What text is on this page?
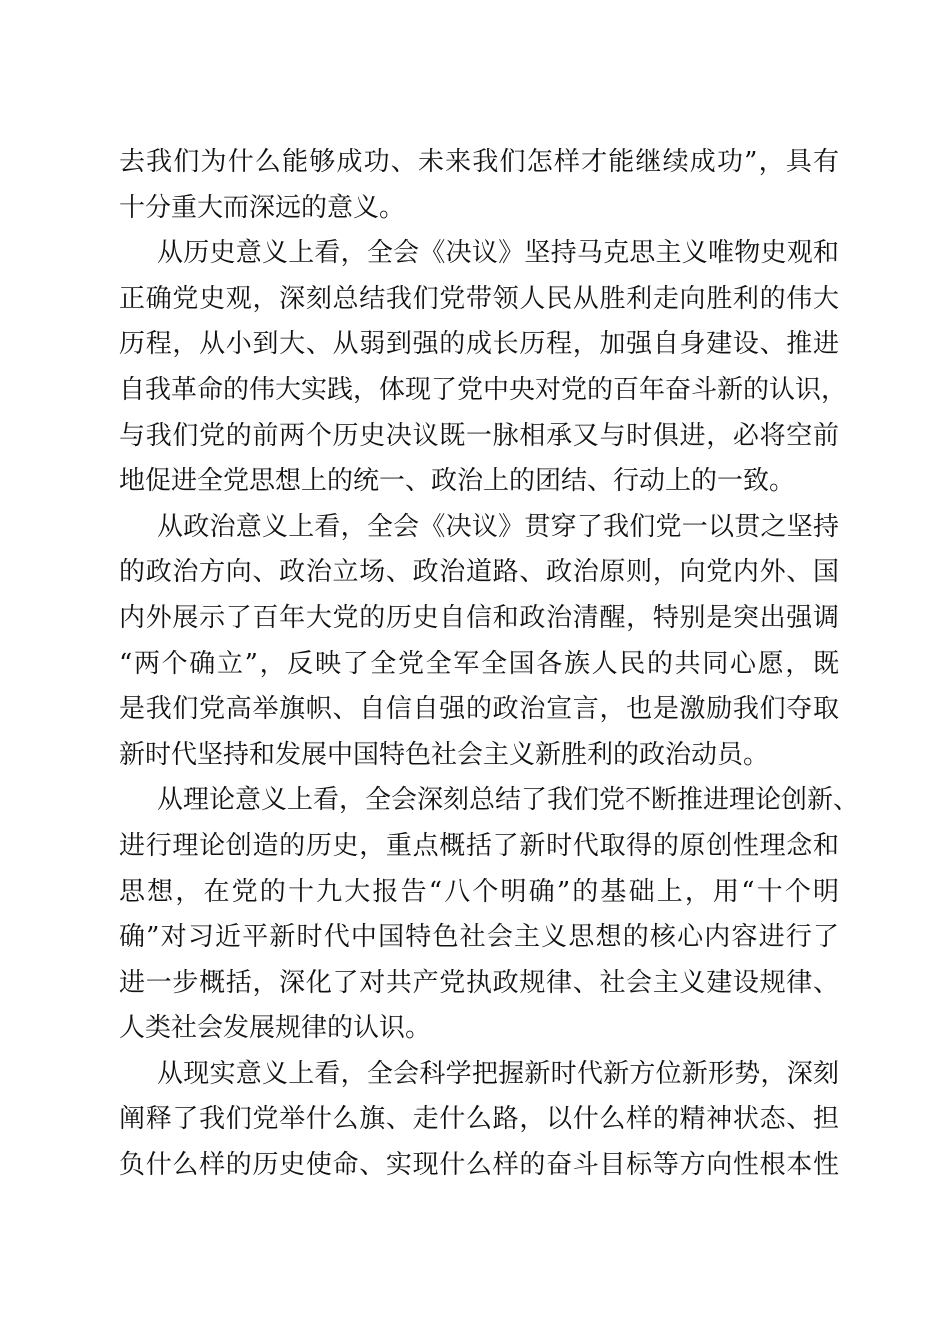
去我们为什么能够成功、未来我们怎样才能继续成功”，具有
十分重大而深远的意义。
从历史意义上看，全会《决议》坚持马克思主义唯物史观和
正确党史观，深刻总结我们党带领人民从胜利走向胜利的伟大
历程，从小到大、从弱到强的成长历程，加强自身建设、推进
自我革命的伟大实践，体现了党中央对党的百年奋斗新的认识，
与我们党的前两个历史决议既一脉相承又与时俱进，必将空前
地促进全党思想上的统一、政治上的团结、行动上的一致。
从政治意义上看，全会《决议》贯穿了我们党一以贯之坚持
的政治方向、政治立场、政治道路、政治原则，向党内外、国
内外展示了百年大党的历史自信和政治清醒，特别是突出强调
“两个确立”，反映了全党全军全国各族人民的共同心愿，既
是我们党高举旗帜、自信自强的政治宣言，也是激励我们夺取
新时代坚持和发展中国特色社会主义新胜利的政治动员。
从理论意义上看，全会深刻总结了我们党不断推进理论创新、
进行理论创造的历史，重点概括了新时代取得的原创性理念和
思想，在党的十九大报告“八个明确”的基础上，用“十个明
确”对习近平新时代中国特色社会主义思想的核心内容进行了
进一步概括，深化了对共产党执政规律、社会主义建设规律、
人类社会发展规律的认识。
从现实意义上看，全会科学把握新时代新方位新形势，深刻
阐释了我们党举什么旗、走什么路，以什么样的精神状态、担
负什么样的历史使命、实现什么样的奋斗目标等方向性根本性
